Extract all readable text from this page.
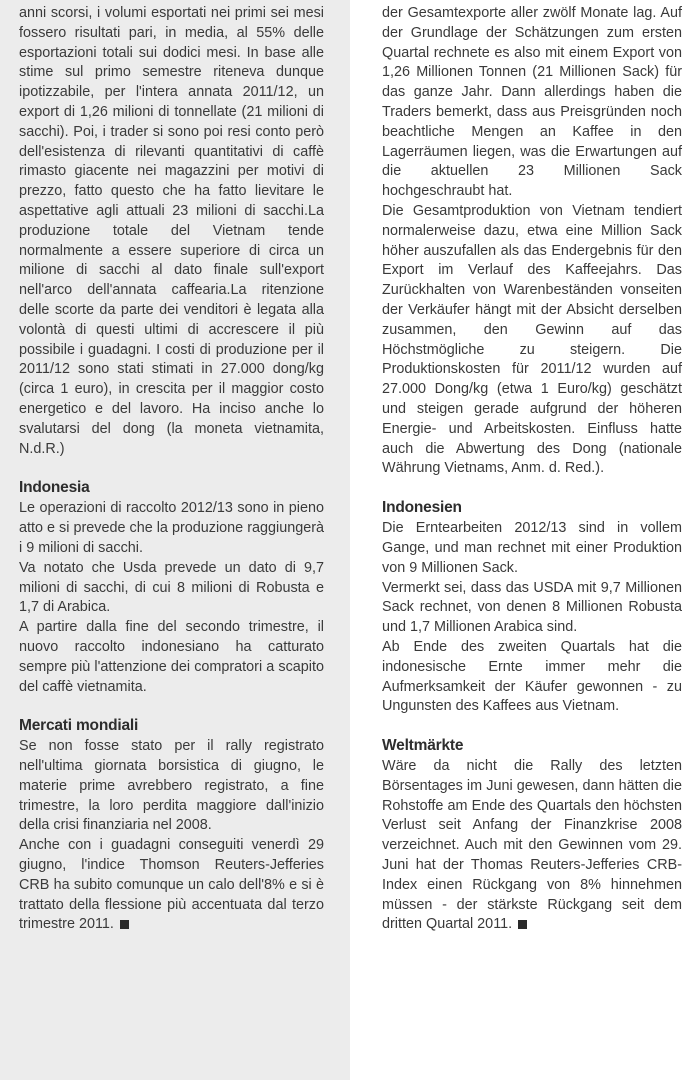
anni scorsi, i volumi esportati nei primi sei mesi fossero risultati pari, in media, al 55% delle esportazioni totali sui dodici mesi. In base alle stime sul primo semestre riteneva dunque ipotizzabile, per l'intera annata 2011/12, un export di 1,26 milioni di tonnellate (21 milioni di sacchi). Poi, i trader si sono poi resi conto però dell'esistenza di rilevanti quantitativi di caffè rimasto giacente nei magazzini per motivi di prezzo, fatto questo che ha fatto lievitare le aspettative agli attuali 23 milioni di sacchi.La produzione totale del Vietnam tende normalmente a essere superiore di circa un milione di sacchi al dato finale sull'export nell'arco dell'annata caffearia.La ritenzione delle scorte da parte dei venditori è legata alla volontà di questi ultimi di accrescere il più possibile i guadagni. I costi di produzione per il 2011/12 sono stati stimati in 27.000 dong/kg (circa 1 euro), in crescita per il maggior costo energetico e del lavoro. Ha inciso anche lo svalutarsi del dong (la moneta vietnamita, N.d.R.)

Indonesia

Le operazioni di raccolto 2012/13 sono in pieno atto e si prevede che la produzione raggiungerà i 9 milioni di sacchi.

Va notato che Usda prevede un dato di 9,7 milioni di sacchi, di cui 8 milioni di Robusta e 1,7 di Arabica.

A partire dalla fine del secondo trimestre, il nuovo raccolto indonesiano ha catturato sempre più l'attenzione dei compratori a scapito del caffè vietnamita.

Mercati mondiali

Se non fosse stato per il rally registrato nell'ultima giornata borsistica di giugno, le materie prime avrebbero registrato, a fine trimestre, la loro perdita maggiore dall'inizio della crisi finanziaria nel 2008.

Anche con i guadagni conseguiti venerdì 29 giugno, l'indice Thomson Reuters-Jefferies CRB ha subito comunque un calo dell'8% e si è trattato della flessione più accentuata dal terzo trimestre 2011.

der Gesamtexporte aller zwölf Monate lag. Auf der Grundlage der Schätzungen zum ersten Quartal rechnete es also mit einem Export von 1,26 Millionen Tonnen (21 Millionen Sack) für das ganze Jahr. Dann allerdings haben die Traders bemerkt, dass aus Preisgründen noch beachtliche Mengen an Kaffee in den Lagerräumen liegen, was die Erwartungen auf die aktuellen 23 Millionen Sack hochgeschraubt hat.

Die Gesamtproduktion von Vietnam tendiert normalerweise dazu, etwa eine Million Sack höher auszufallen als das Endergebnis für den Export im Verlauf des Kaffeejahrs. Das Zurückhalten von Warenbeständen vonseiten der Verkäufer hängt mit der Absicht derselben zusammen, den Gewinn auf das Höchstmögliche zu steigern. Die Produktionskosten für 2011/12 wurden auf 27.000 Dong/kg (etwa 1 Euro/kg) geschätzt und steigen gerade aufgrund der höheren Energie- und Arbeitskosten. Einfluss hatte auch die Abwertung des Dong (nationale Währung Vietnams, Anm. d. Red.).

Indonesien

Die Erntearbeiten 2012/13 sind in vollem Gange, und man rechnet mit einer Produktion von 9 Millionen Sack.

Vermerkt sei, dass das USDA mit 9,7 Millionen Sack rechnet, von denen 8 Millionen Robusta und 1,7 Millionen Arabica sind.

Ab Ende des zweiten Quartals hat die indonesische Ernte immer mehr die Aufmerksamkeit der Käufer gewonnen - zu Ungunsten des Kaffees aus Vietnam.

Weltmärkte

Wäre da nicht die Rally des letzten Börsentages im Juni gewesen, dann hätten die Rohstoffe am Ende des Quartals den höchsten Verlust seit Anfang der Finanzkrise 2008 verzeichnet. Auch mit den Gewinnen vom 29. Juni hat der Thomas Reuters-Jefferies CRB-Index einen Rückgang von 8% hinnehmen müssen - der stärkste Rückgang seit dem dritten Quartal 2011.
